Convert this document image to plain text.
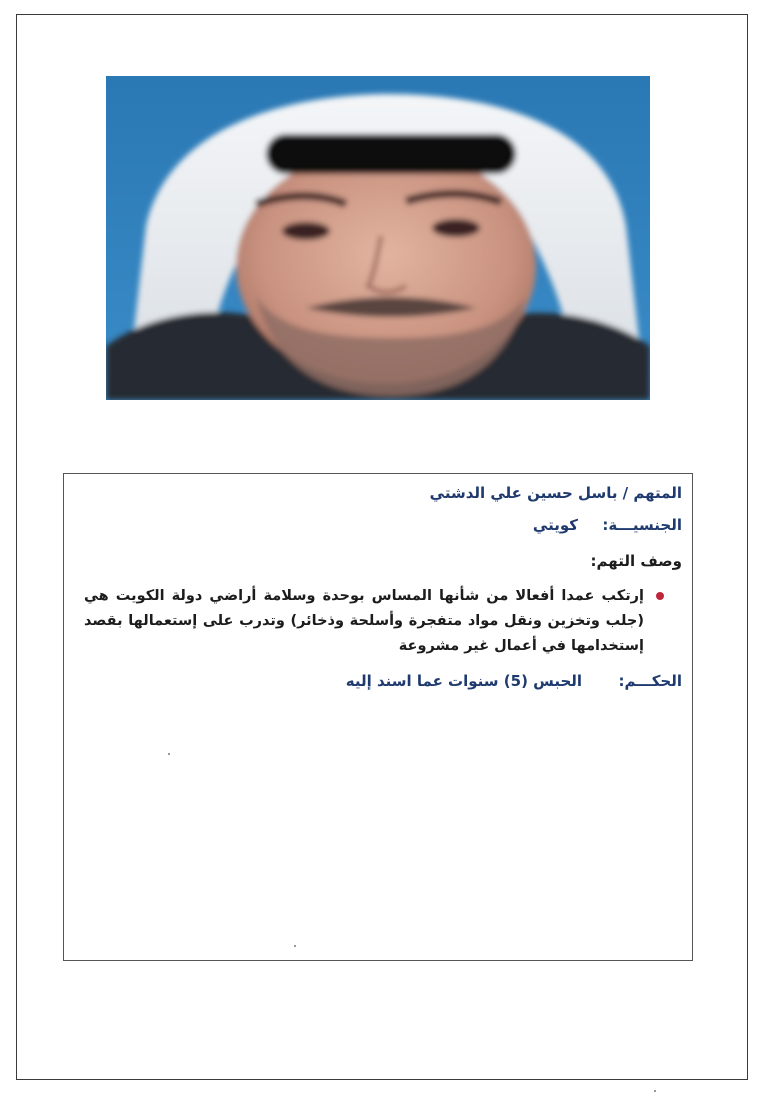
المتهم / باسل حسين علي الدشتي
الجنسيـــة:  كويتي
وصف التهم:
إرتكب عمدا أفعالا من شأنها المساس بوحدة وسلامة أراضي دولة الكويت هي (جلب وتخزين ونقل مواد متفجرة وأسلحة وذخائر) وتدرب على إستعمالها بقصد إستخدامها في أعمال غير مشروعة
الحكـــم:  الحبس (5) سنوات عما اسند إليه
